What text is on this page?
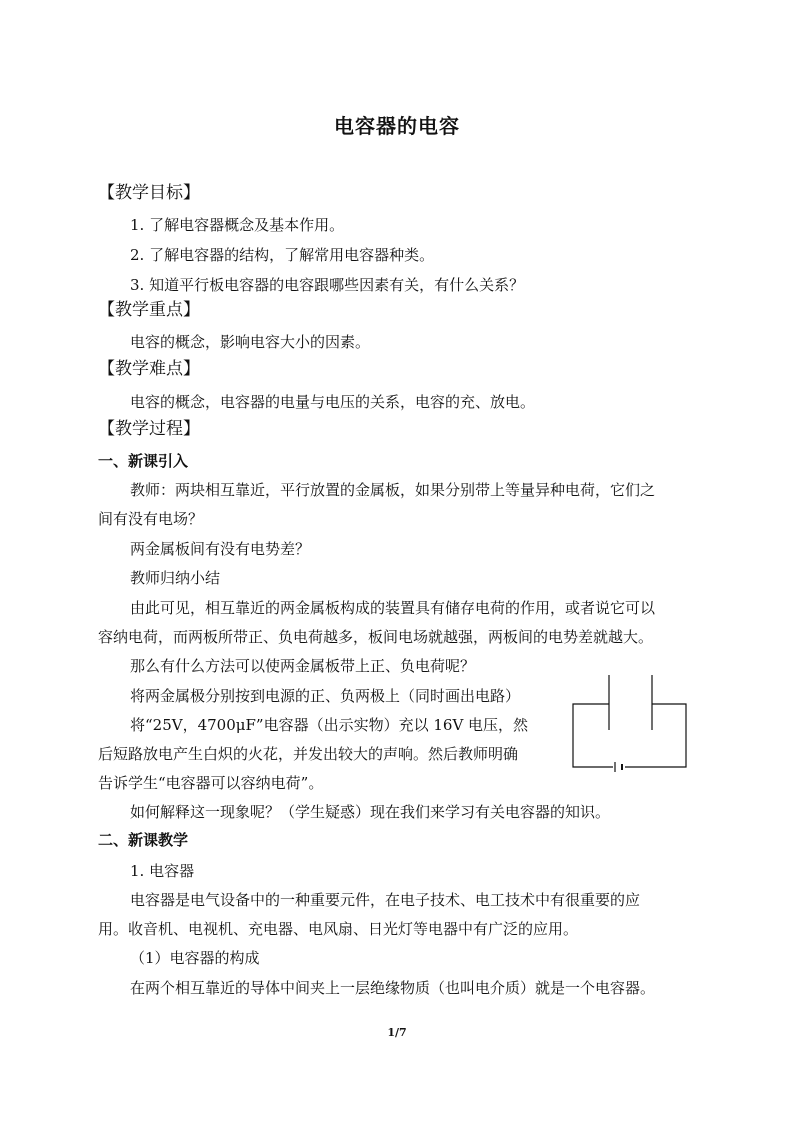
电容器的电容
【教学目标】
1. 了解电容器概念及基本作用。
2. 了解电容器的结构，了解常用电容器种类。
3. 知道平行板电容器的电容跟哪些因素有关，有什么关系？
【教学重点】
电容的概念，影响电容大小的因素。
【教学难点】
电容的概念，电容器的电量与电压的关系，电容的充、放电。
【教学过程】
一、新课引入
教师：两块相互靠近，平行放置的金属板，如果分别带上等量异种电荷，它们之
间有没有电场？
两金属板间有没有电势差？
教师归纳小结
由此可见，相互靠近的两金属板构成的装置具有储存电荷的作用，或者说它可以
容纳电荷，而两板所带正、负电荷越多，板间电场就越强，两板间的电势差就越大。
那么有什么方法可以使两金属板带上正、负电荷呢？
将两金属极分别按到电源的正、负两极上（同时画出电路）
将“25V，4700μF”电容器（出示实物）充以 16V 电压，然
后短路放电产生白炽的火花，并发出较大的声响。然后教师明确
告诉学生“电容器可以容纳电荷”。
如何解释这一现象呢？（学生疑惑）现在我们来学习有关电容器的知识。
二、新课教学
1. 电容器
电容器是电气设备中的一种重要元件，在电子技术、电工技术中有很重要的应
用。收音机、电视机、充电器、电风扇、日光灯等电器中有广泛的应用。
（1）电容器的构成
在两个相互靠近的导体中间夹上一层绝缘物质（也叫电介质）就是一个电容器。
1/7
